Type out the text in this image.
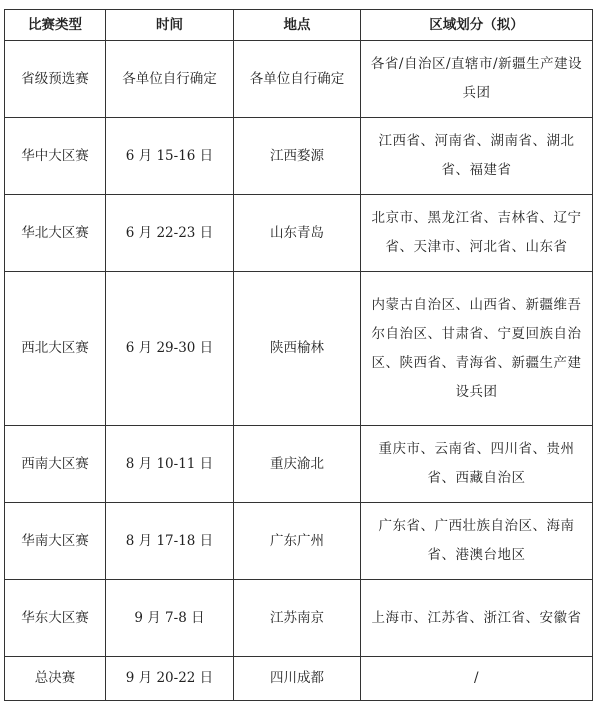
比赛类型	时间	地点	区域划分（拟）
省级预选赛	各单位自行确定	各单位自行确定	各省/自治区/直辖市/新疆生产建设兵团
华中大区赛	6 月 15-16 日	江西婺源	江西省、河南省、湖南省、湖北省、福建省
华北大区赛	6 月 22-23 日	山东青岛	北京市、黑龙江省、吉林省、辽宁省、天津市、河北省、山东省
西北大区赛	6 月 29-30 日	陕西榆林	内蒙古自治区、山西省、新疆维吾尔自治区、甘肃省、宁夏回族自治区、陕西省、青海省、新疆生产建设兵团
西南大区赛	8 月 10-11 日	重庆渝北	重庆市、云南省、四川省、贵州省、西藏自治区
华南大区赛	8 月 17-18 日	广东广州	广东省、广西壮族自治区、海南省、港澳台地区
华东大区赛	9 月 7-8 日	江苏南京	上海市、江苏省、浙江省、安徽省
总决赛	9 月 20-22 日	四川成都	/
